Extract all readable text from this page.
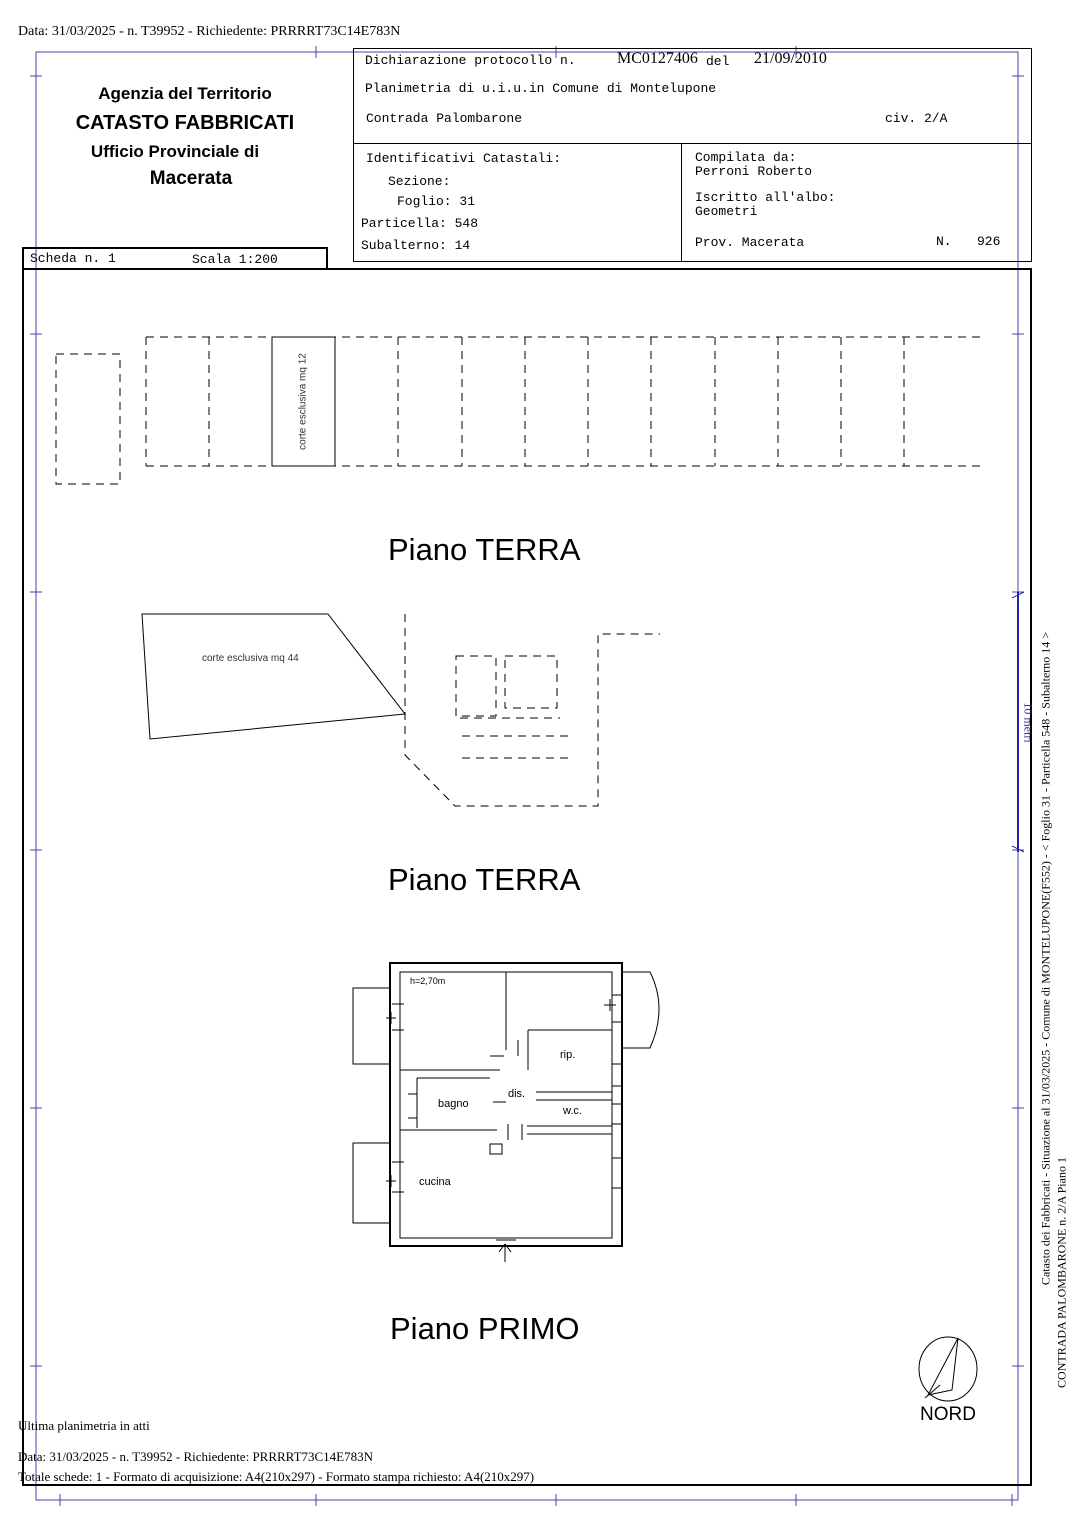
Data: 31/03/2025 - n. T39952 - Richiedente: PRRRRT73C14E783N
Agenzia del Territorio
CATASTO FABBRICATI
Ufficio Provinciale di
Macerata
Scheda n. 1	Scala 1:200
Dichiarazione protocollo n.	MC0127406 del 21/09/2010
Planimetria di u.i.u.in Comune di Montelupone
Contrada Palombarone	civ. 2/A
Identificativi Catastali:
Sezione:
Foglio: 31
Particella: 548
Subalterno: 14
Compilata da:
Perroni Roberto
Iscritto all'albo:
Geometri
Prov. Macerata	N. 926
corte esclusiva mq 12
corte esclusiva mq 44
Piano TERRA
Piano TERRA
Piano PRIMO
h=2,70m
rip.
dis.
bagno
w.c.
cucina
10 metri
NORD
Catasto dei Fabbricati - Situazione al 31/03/2025 - Comune di MONTELUPONE(F552) - < Foglio 31 - Particella 548 - Subalterno 14 > CONTRADA PALOMBARONE n. 2/A Piano 1
Ultima planimetria in atti
Data: 31/03/2025 - n. T39952 - Richiedente: PRRRRT73C14E783N
Totale schede: 1 - Formato di acquisizione: A4(210x297) - Formato stampa richiesto: A4(210x297)
